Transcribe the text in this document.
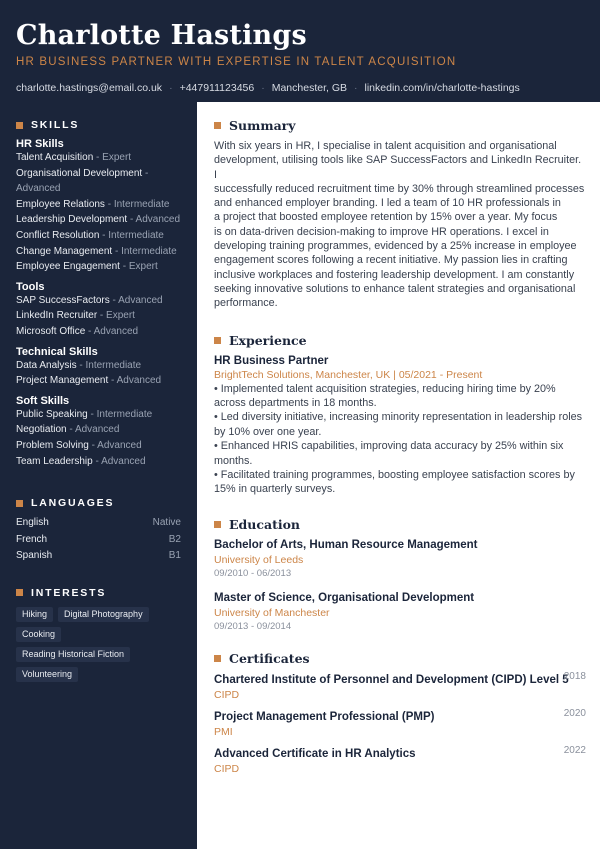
Charlotte Hastings
HR BUSINESS PARTNER WITH EXPERTISE IN TALENT ACQUISITION
charlotte.hastings@email.co.uk · +447911123456 · Manchester, GB · linkedin.com/in/charlotte-hastings
SKILLS
HR Skills
Talent Acquisition - Expert
Organisational Development - Advanced
Employee Relations - Intermediate
Leadership Development - Advanced
Conflict Resolution - Intermediate
Change Management - Intermediate
Employee Engagement - Expert
Tools
SAP SuccessFactors - Advanced
LinkedIn Recruiter - Expert
Microsoft Office - Advanced
Technical Skills
Data Analysis - Intermediate
Project Management - Advanced
Soft Skills
Public Speaking - Intermediate
Negotiation - Advanced
Problem Solving - Advanced
Team Leadership - Advanced
LANGUAGES
English	Native
French	B2
Spanish	B1
INTERESTS
Hiking	Digital Photography
Cooking
Reading Historical Fiction
Volunteering
Summary
With six years in HR, I specialise in talent acquisition and organisational
development, utilising tools like SAP SuccessFactors and LinkedIn Recruiter. I
successfully reduced recruitment time by 30% through streamlined processes
and enhanced employer branding. I led a team of 10 HR professionals in
a project that boosted employee retention by 15% over a year. My focus
is on data-driven decision-making to improve HR operations. I excel in
developing training programmes, evidenced by a 25% increase in employee
engagement scores following a recent initiative. My passion lies in crafting
inclusive workplaces and fostering leadership development. I am constantly
seeking innovative solutions to enhance talent strategies and organisational
performance.
Experience
HR Business Partner
BrightTech Solutions, Manchester, UK | 05/2021 - Present
• Implemented talent acquisition strategies, reducing hiring time by 20%
across departments in 18 months.
• Led diversity initiative, increasing minority representation in leadership roles
by 10% over one year.
• Enhanced HRIS capabilities, improving data accuracy by 25% within six
months.
• Facilitated training programmes, boosting employee satisfaction scores by
15% in quarterly surveys.
Education
Bachelor of Arts, Human Resource Management
University of Leeds
09/2010 - 06/2013
Master of Science, Organisational Development
University of Manchester
09/2013 - 09/2014
Certificates
Chartered Institute of Personnel and Development (CIPD) Level 5
CIPD
2018
Project Management Professional (PMP)
PMI
2020
Advanced Certificate in HR Analytics
CIPD
2022
